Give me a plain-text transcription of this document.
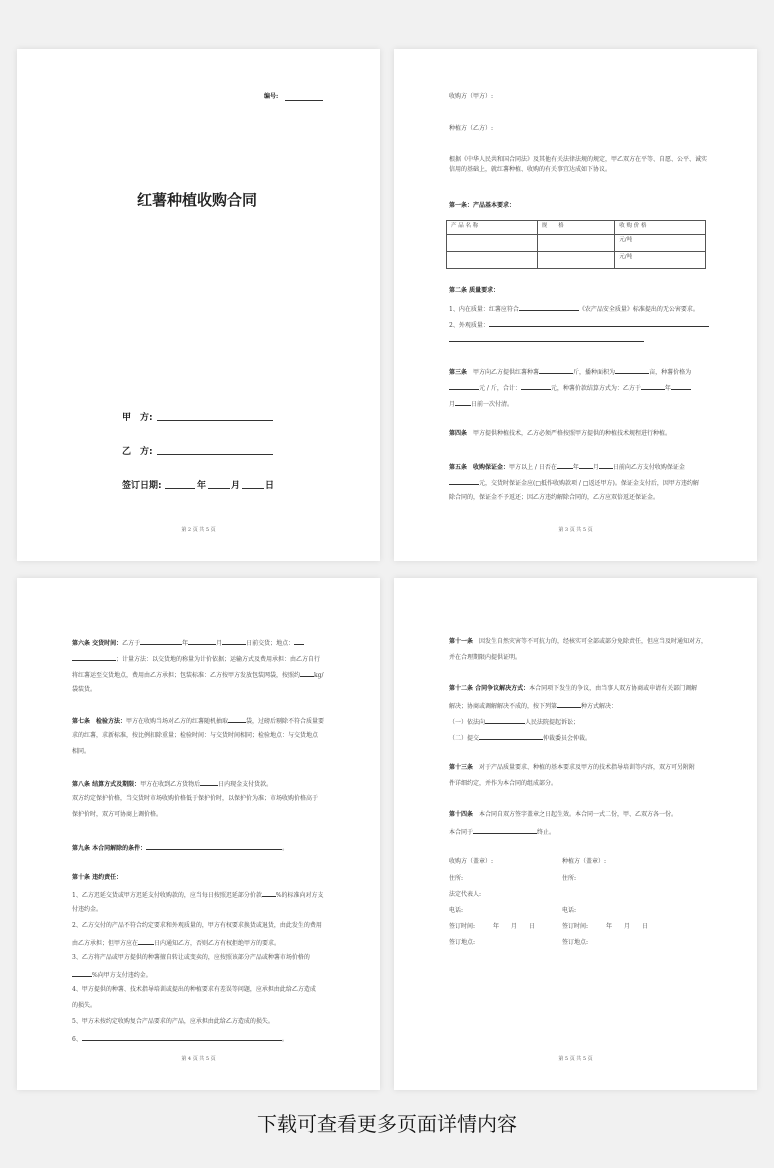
编号:
红薯种植收购合同
甲　方:
乙　方:
签订日期:	年	月	日
第 2 页 共 5 页
收购方（甲方）:
种植方（乙方）:
根据《中华人民共和国合同法》及其他有关法律法规的规定，甲乙双方在平等、自愿、公平、诚实信用的基础上，就红薯种植、收购的有关事宜达成如下协议。
第一条：产品基本要求：
产 品 名 称	规　　格	收 购 价 格
		元/吨
		元/吨
第二条 质量要求：
1、内在质量：红薯应符合	《农产品安全质量》标准提出的无公害要求。
2、外观质量：
第三条　 甲方向乙方提供红薯种薯	斤，播种面积为	亩，种薯价格为
元 / 斤，合计：	元，种薯价款结算方式为：乙方于	年
月	日前一次付清。
第四条　 甲方提供种植技术，乙方必须严格按照甲方提供的种植技术规程进行种植。
第五条　收购保证金：甲方以上 / 日否在	年 月 日前向乙方支付收购保证金
元，交货时保证金应(□抵作收购款项 / □返还甲方)。保证金支付后，因甲方违约解
除合同的，保证金不予返还；因乙方违约解除合同的，乙方应双倍返还保证金。
第 3 页 共 5 页
第六条 交货时间：乙方于	年	月	日前交货；地点：
；计量方法：以交货地的称量为计价依据；运输方式及费用承担：由乙方自行
将红薯运至交货地点，费用由乙方承担；包装标准：乙方按甲方发放包装网袋，按照约 kg/
袋装货。
第七条　检验方法：甲方在收购当场对乙方的红薯随机抽取	袋，过磅后剔除不符合质量要
求的红薯，求新标准，按比例扣除重量；检验时间：与交货时间相同；检验地点：与交货地点
相同。
第八条 结算方式及期限：甲方在收到乙方货物后	日内现金支付货款。
双方约定保护价格，当交货时市场收购价格低于保护价时，以保护价为准；市场收购价格高于
保护价时，双方可协商上调价格。
第九条 本合同解除的条件：	。
第十条 违约责任：
1、乙方迟延交货或甲方迟延支付收购款的，应当每日按照迟延部分价款 %的标准向对方支
付违约金。
2、乙方交付的产品不符合约定要求和外观质量的，甲方有权要求换货或退货，由此发生的费用
由乙方承担；但甲方应在	日内通知乙方，否则乙方有权拒绝甲方的要求。
3、乙方将产品或甲方提供的种薯擅自转让或变卖的，应按照该部分产品或种薯市场价格的
%向甲方支付违约金。
4、甲方提供的种薯、技术指导培训或提出的种植要求有差误等问题，应承担由此给乙方造成
的损失。
5、甲方未按约定收购复合产品要求的产品，应承担由此给乙方造成的损失。
6、	。
第 4 页 共 5 页
第十一条　 因发生自然灾害等不可抗力的，经核实可全部或部分免除责任，但应当及时通知对方，
并在合理期限内提供证明。
第十二条 合同争议解决方式：本合同项下发生的争议，由当事人双方协商或申请有关部门调解
解决；协商或调解解决不成的，按下列第	种方式解决：
（一）依法向	人民法院提起诉讼；
（二）提交	仲裁委员会仲裁。
第十三条　 对于产品质量要求、种植的基本要求及甲方的技术指导培训等内容，双方可另附附
件详细约定，并作为本合同的组成部分。
第十四条　 本合同自双方签字盖章之日起生效。本合同一式二份，甲、乙双方各一份。
本合同于	终止。
收购方（盖章）:
住所:
法定代表人:
电话:
签订时间:　　　	年　　月　　日
签订地点:
种植方（盖章）:
住所:
电话:
签订时间:　　　	年　　月　　日
签订地点:
第 5 页 共 5 页
下载可查看更多页面详情内容
